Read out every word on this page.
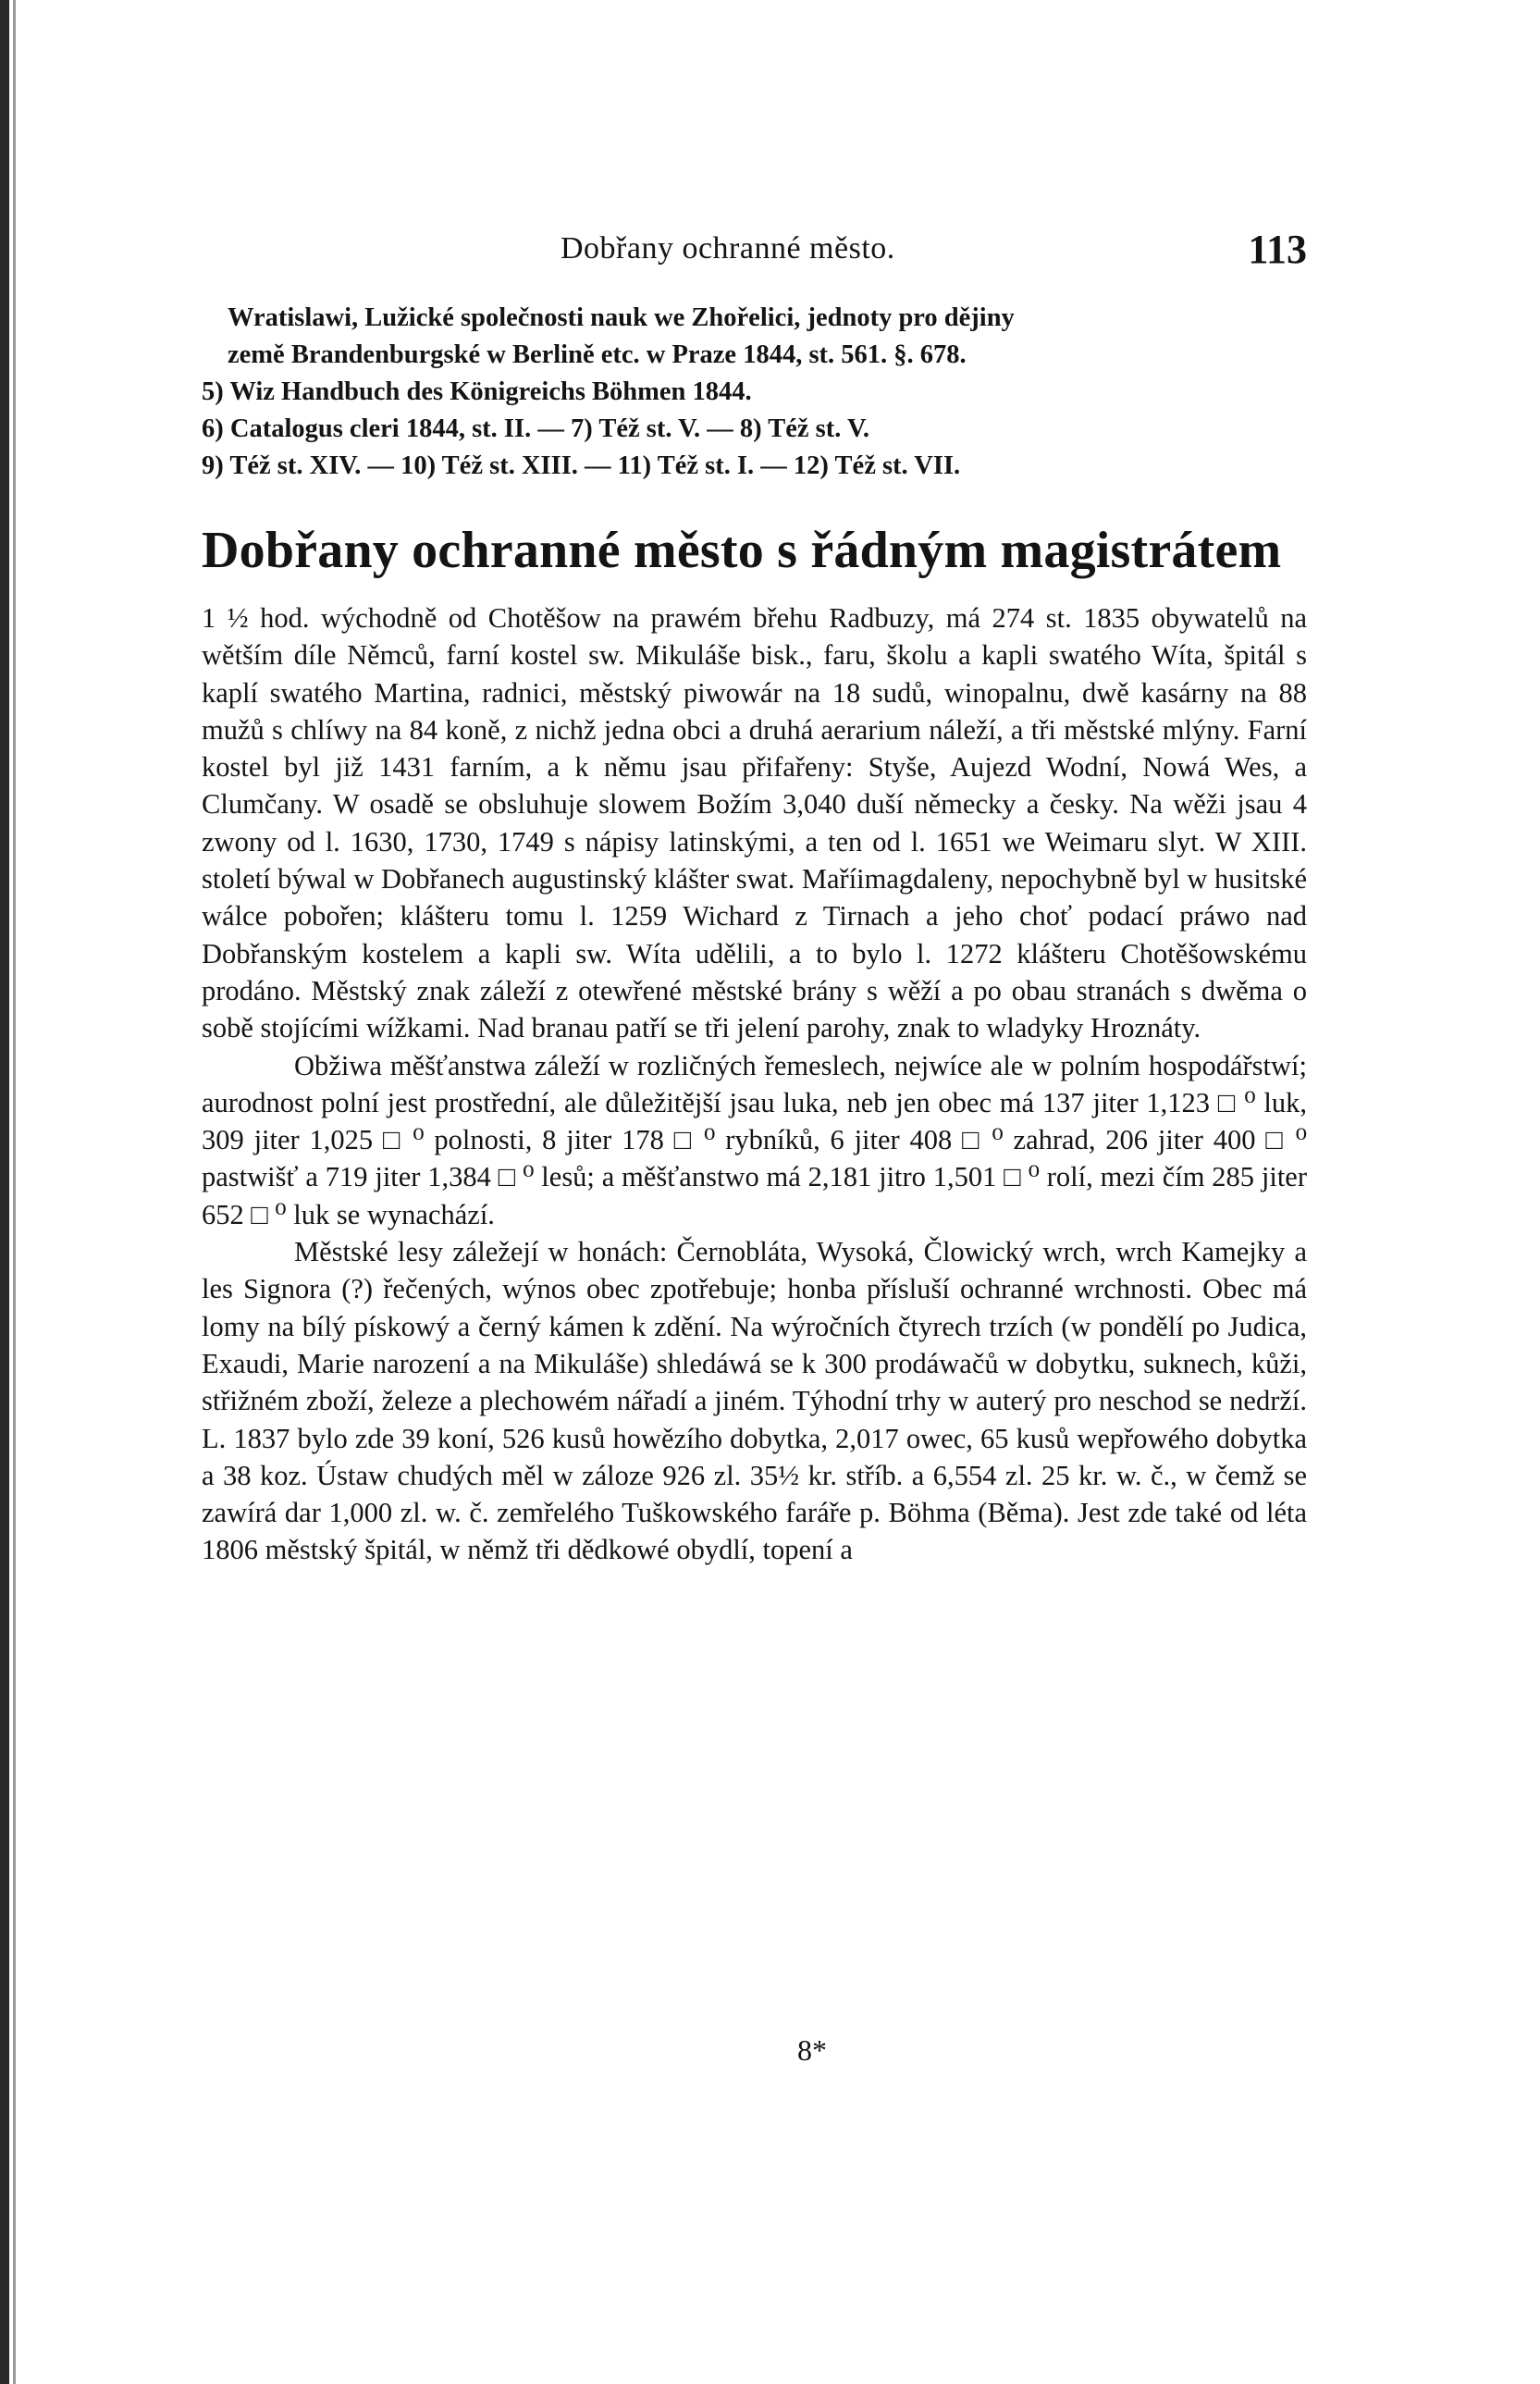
Dobřany ochranné město.	113

Wratislawi, Lužické společnosti nauk we Zhořelici, jednoty pro dějiny

země Brandenburgské w Berlině etc. w Praze 1844, st. 561. §. 678.

5) Wiz Handbuch des Königreichs Böhmen 1844.

6) Catalogus cleri 1844, st. II. — 7) Též st. V. — 8) Též st. V.

9) Též st. XIV. — 10) Též st. XIII. — 11) Též st. I. — 12) Též st. VII.

Dobřany ochranné město s řádným magistrátem

1 ½ hod. wýchodně od Chotěšow na prawém břehu Radbuzy, má 274 st. 1835 obywatelů na wětším díle Němců, farní kostel sw. Mikuláše bisk., faru, školu a kapli swatého Wíta, špitál s kaplí swatého Martina, radnici, městský piwowár na 18 sudů, winopalnu, dwě kasárny na 88 mužů s chlíwy na 84 koně, z nichž jedna obci a druhá aerarium náleží, a tři městské mlýny. Farní kostel byl již 1431 farním, a k němu jsau přifařeny: Styše, Aujezd Wodní, Nowá Wes, a Clumčany. W osadě se obsluhuje slowem Božím 3,040 duší německy a česky. Na wěži jsau 4 zwony od l. 1630, 1730, 1749 s nápisy latinskými, a ten od l. 1651 we Weimaru slyt. W XIII. století býwal w Dobřanech augustinský klášter swat. Maříimagdaleny, nepochybně byl w husitské wálce pobořen; klášteru tomu l. 1259 Wichard z Tirnach a jeho choť podací práwo nad Dobřanským kostelem a kapli sw. Wíta udělili, a to bylo l. 1272 klášteru Chotěšowskému prodáno. Městský znak záleží z otewřené městské brány s wěží a po obau stranách s dwěma o sobě stojícími wížkami. Nad branau patří se tři jelení parohy, znak to wladyky Hroznáty.

Obžiwa měšťanstwa záleží w rozličných řemeslech, nejwíce ale w polním hospodářstwí; aurodnost polní jest prostřední, ale důležitější jsau luka, neb jen obec má 137 jiter 1,123 □ ⁰ luk, 309 jiter 1,025 □ ⁰ polnosti, 8 jiter 178 □ ⁰ rybníků, 6 jiter 408 □ ⁰ zahrad, 206 jiter 400 □ ⁰ pastwišť a 719 jiter 1,384 □ ⁰ lesů; a měšťanstwo má 2,181 jitro 1,501 □ ⁰ rolí, mezi čím 285 jiter 652 □ ⁰ luk se wynachází.

Městské lesy záležejí w honách: Černobláta, Wysoká, Člowický wrch, wrch Kamejky a les Signora (?) řečených, wýnos obec zpotřebuje; honba přísluší ochranné wrchnosti. Obec má lomy na bílý pískowý a černý kámen k zdění. Na wýročních čtyrech trzích (w pondělí po Judica, Exaudi, Marie narození a na Mikuláše) shledáwá se k 300 prodáwačů w dobytku, suknech, kůži, střižném zboží, železe a plechowém nářadí a jiném. Týhodní trhy w auterý pro neschod se nedrží. L. 1837 bylo zde 39 koní, 526 kusů howězího dobytka, 2,017 owec, 65 kusů wepřowého dobytka a 38 koz. Ústaw chudých měl w záloze 926 zl. 35½ kr. stříb. a 6,554 zl. 25 kr. w. č., w čemž se zawírá dar 1,000 zl. w. č. zemřelého Tuškowského faráře p. Böhma (Běma). Jest zde také od léta 1806 městský špitál, w němž tři dědkowé obydlí, topení a

8*
